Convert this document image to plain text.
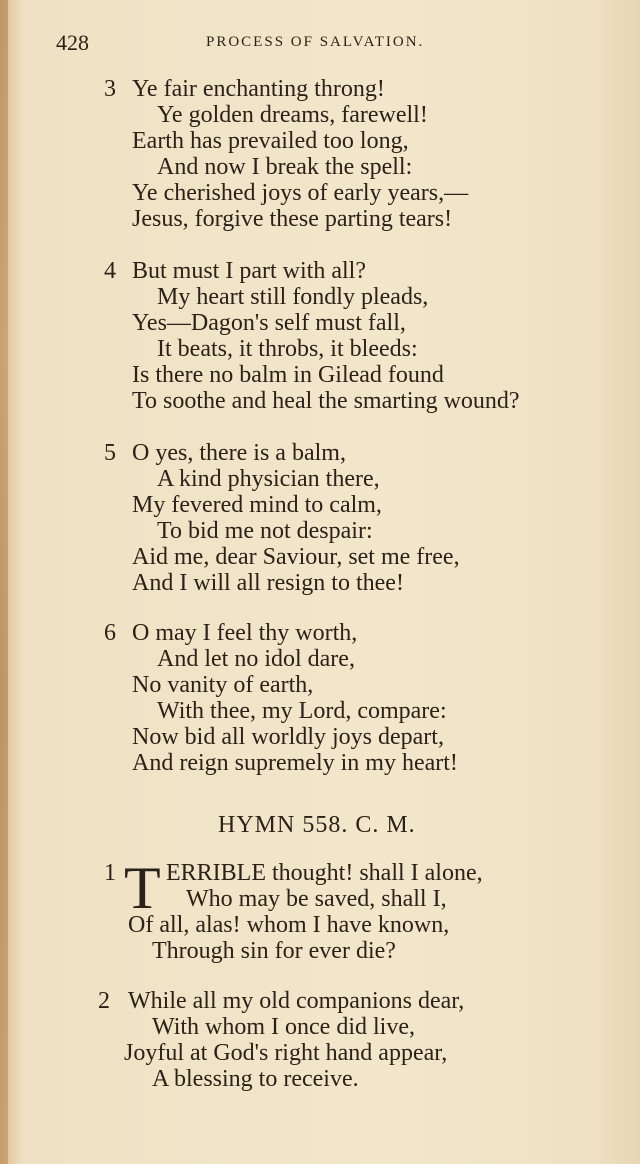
428	PROCESS OF SALVATION.
3 Ye fair enchanting throng!
Ye golden dreams, farewell!
Earth has prevailed too long,
And now I break the spell:
Ye cherished joys of early years,—
Jesus, forgive these parting tears!
4 But must I part with all?
My heart still fondly pleads,
Yes—Dagon's self must fall,
It beats, it throbs, it bleeds:
Is there no balm in Gilead found
To soothe and heal the smarting wound?
5 O yes, there is a balm,
A kind physician there,
My fevered mind to calm,
To bid me not despair:
Aid me, dear Saviour, set me free,
And I will all resign to thee!
6 O may I feel thy worth,
And let no idol dare,
No vanity of earth,
With thee, my Lord, compare:
Now bid all worldly joys depart,
And reign supremely in my heart!
HYMN 558. C. M.
1 T ERRIBLE thought! shall I alone,
Who may be saved, shall I,
Of all, alas! whom I have known,
Through sin for ever die?
2 While all my old companions dear,
With whom I once did live,
Joyful at God's right hand appear,
A blessing to receive.
